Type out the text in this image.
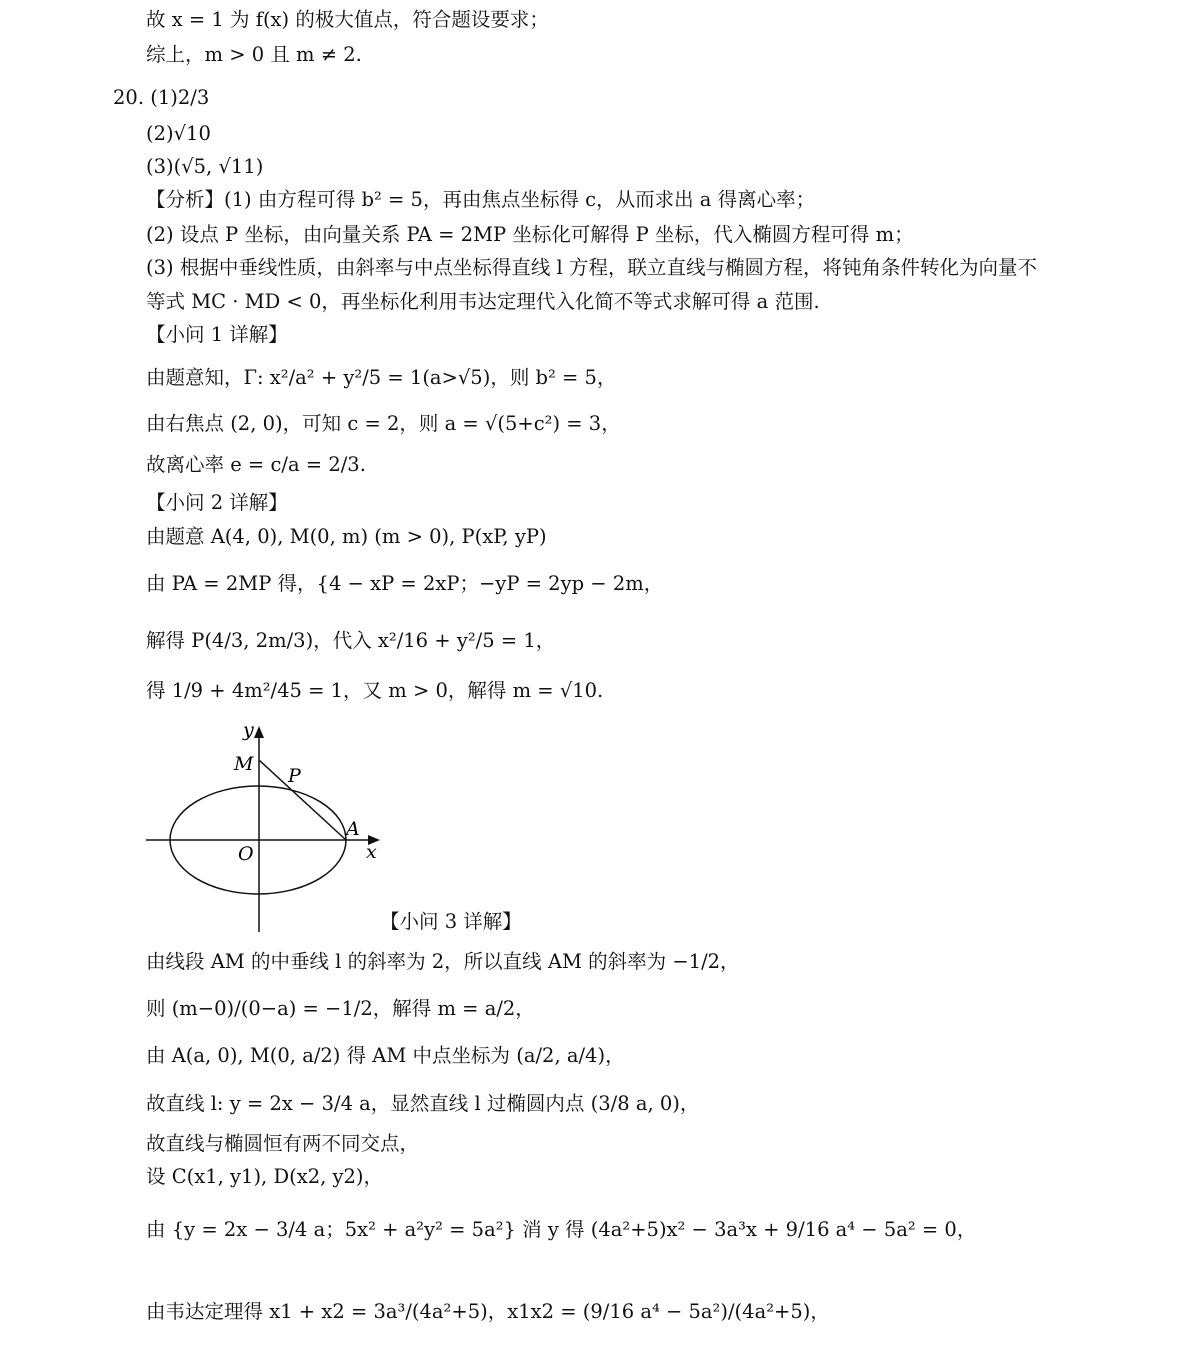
故 x = 1 为 f(x) 的极大值点，符合题设要求；
综上，m > 0 且 m ≠ 2.
20. (1)2/3
(2)√10
(3)(√5, √11)
【分析】(1) 由方程可得 b² = 5，再由焦点坐标得 c，从而求出 a 得离心率；
(2) 设点 P 坐标，由向量关系 PA = 2MP 坐标化可解得 P 坐标，代入椭圆方程可得 m；
(3) 根据中垂线性质，由斜率与中点坐标得直线 l 方程，联立直线与椭圆方程，将钝角条件转化为向量不
等式 MC · MD < 0，再坐标化利用韦达定理代入化简不等式求解可得 a 范围.
【小问 1 详解】
由题意知，Γ: x²/a² + y²/5 = 1(a>√5)，则 b² = 5，
由右焦点 (2, 0)，可知 c = 2，则 a = √(5+c²) = 3，
故离心率 e = c/a = 2/3.
【小问 2 详解】
由题意 A(4, 0), M(0, m) (m > 0), P(xP, yP)
由 PA = 2MP 得，{4 − xP = 2xP；−yP = 2yp − 2m，
解得 P(4/3, 2m/3)，代入 x²/16 + y²/5 = 1，
得 1/9 + 4m²/45 = 1，又 m > 0，解得 m = √10.
y
M
P
A
O	x
【小问 3 详解】
由线段 AM 的中垂线 l 的斜率为 2，所以直线 AM 的斜率为 −1/2，
则 (m−0)/(0−a) = −1/2，解得 m = a/2，
由 A(a, 0), M(0, a/2) 得 AM 中点坐标为 (a/2, a/4)，
故直线 l: y = 2x − 3/4 a，显然直线 l 过椭圆内点 (3/8 a, 0)，
故直线与椭圆恒有两不同交点，
设 C(x1, y1), D(x2, y2)，
由 {y = 2x − 3/4 a；5x² + a²y² = 5a²} 消 y 得 (4a²+5)x² − 3a³x + 9/16 a⁴ − 5a² = 0，
由韦达定理得 x1 + x2 = 3a³/(4a²+5)，x1x2 = (9/16 a⁴ − 5a²)/(4a²+5)，
